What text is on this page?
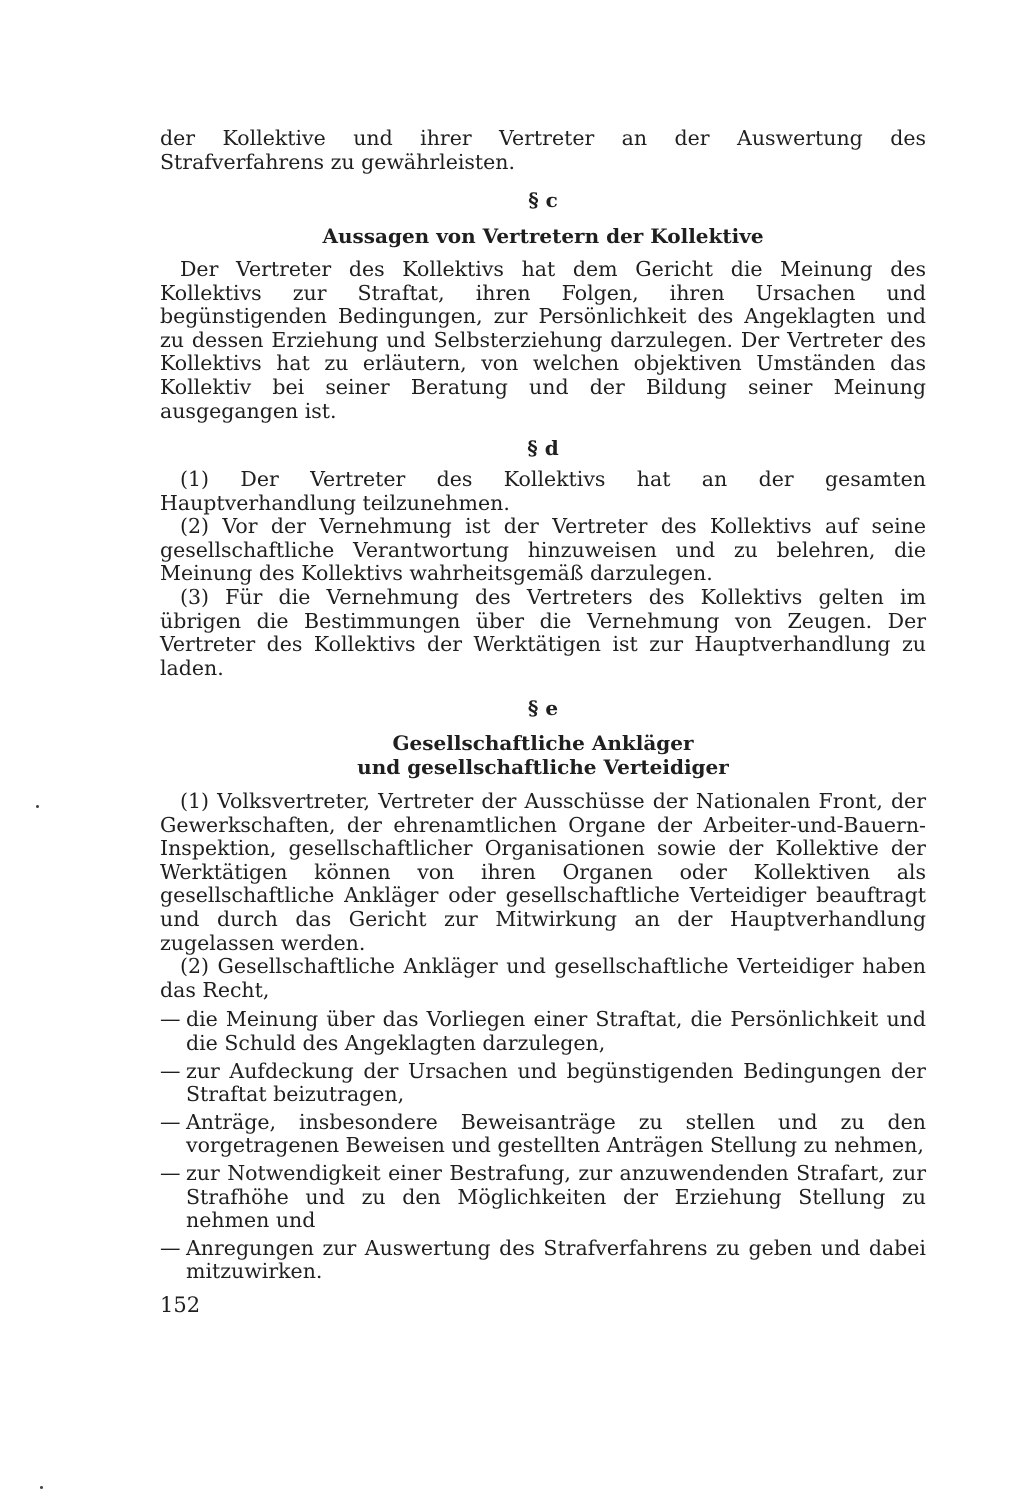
der Kollektive und ihrer Vertreter an der Auswertung des Strafverfahrens zu gewährleisten.

§ c
Aussagen von Vertretern der Kollektive

Der Vertreter des Kollektivs hat dem Gericht die Meinung des Kollektivs zur Straftat, ihren Folgen, ihren Ursachen und begünstigenden Bedingungen, zur Persönlichkeit des Angeklagten und zu dessen Erziehung und Selbsterziehung darzulegen. Der Vertreter des Kollektivs hat zu erläutern, von welchen objektiven Umständen das Kollektiv bei seiner Beratung und der Bildung seiner Meinung ausgegangen ist.

§ d

(1) Der Vertreter des Kollektivs hat an der gesamten Hauptverhandlung teilzunehmen.

(2) Vor der Vernehmung ist der Vertreter des Kollektivs auf seine gesellschaftliche Verantwortung hinzuweisen und zu belehren, die Meinung des Kollektivs wahrheitsgemäß darzulegen.

(3) Für die Vernehmung des Vertreters des Kollektivs gelten im übrigen die Bestimmungen über die Vernehmung von Zeugen. Der Vertreter des Kollektivs der Werktätigen ist zur Hauptverhandlung zu laden.

§ e
Gesellschaftliche Ankläger
und gesellschaftliche Verteidiger

(1) Volksvertreter, Vertreter der Ausschüsse der Nationalen Front, der Gewerkschaften, der ehrenamtlichen Organe der Arbeiter-und-Bauern-Inspektion, gesellschaftlicher Organisationen sowie der Kollektive der Werktätigen können von ihren Organen oder Kollektiven als gesellschaftliche Ankläger oder gesellschaftliche Verteidiger beauftragt und durch das Gericht zur Mitwirkung an der Hauptverhandlung zugelassen werden.

(2) Gesellschaftliche Ankläger und gesellschaftliche Verteidiger haben das Recht,

— die Meinung über das Vorliegen einer Straftat, die Persönlichkeit und die Schuld des Angeklagten darzulegen,
— zur Aufdeckung der Ursachen und begünstigenden Bedingungen der Straftat beizutragen,
— Anträge, insbesondere Beweisanträge zu stellen und zu den vorgetragenen Beweisen und gestellten Anträgen Stellung zu nehmen,
— zur Notwendigkeit einer Bestrafung, zur anzuwendenden Strafart, zur Strafhöhe und zu den Möglichkeiten der Erziehung Stellung zu nehmen und
— Anregungen zur Auswertung des Strafverfahrens zu geben und dabei mitzuwirken.
152
